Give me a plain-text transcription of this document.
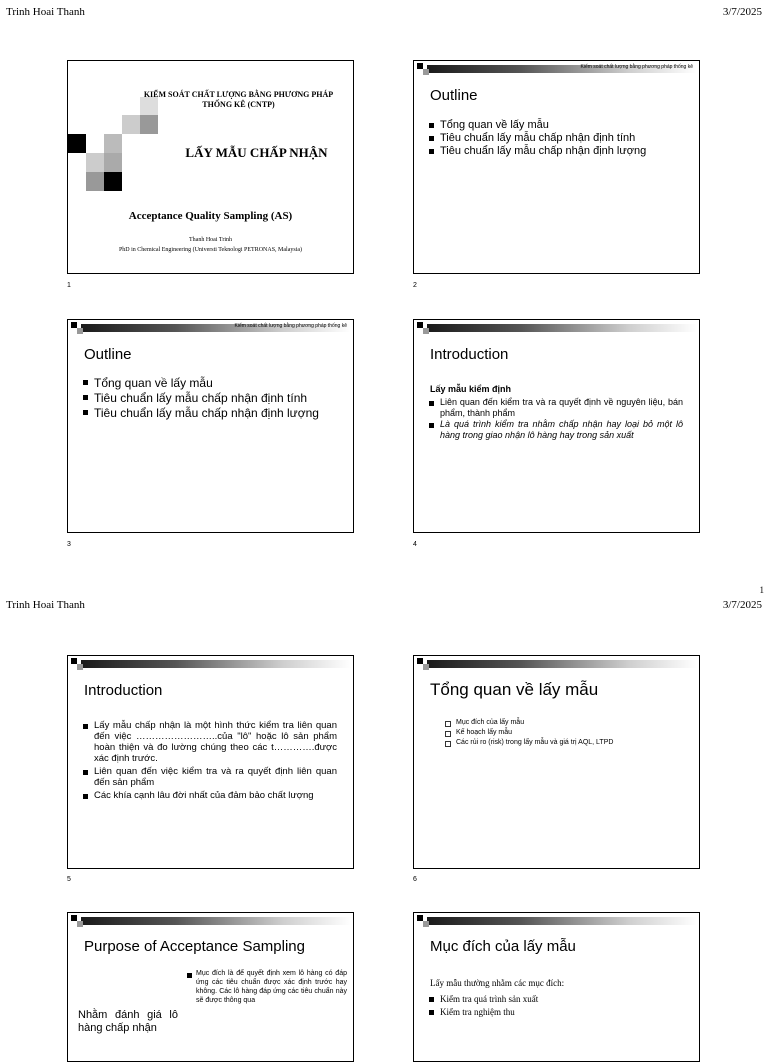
Trinh Hoai Thanh	3/7/2025
1
Trinh Hoai Thanh	3/7/2025
KIỂM SOÁT CHẤT LƯỢNG BẰNG PHƯƠNG PHÁP THỐNG KÊ (CNTP)
LẤY MẪU CHẤP NHẬN
Acceptance Quality Sampling (AS)
Thanh Hoai Trinh
PhD in Chemical Engineering (Universti Teknologi PETRONAS, Malaysia)
1
Kiểm soát chất lượng bằng phương pháp thống kê
Outline
Tổng quan về lấy mẫu
Tiêu chuẩn lấy mẫu chấp nhận định tính
Tiêu chuẩn lấy mẫu chấp nhận định lượng
2
Kiểm soát chất lượng bằng phương pháp thống kê
Outline
Tổng quan về lấy mẫu
Tiêu chuẩn lấy mẫu chấp nhận định tính
Tiêu chuẩn lấy mẫu chấp nhận định lượng
3
Introduction
Lấy mẫu kiểm định
Liên quan đến kiểm tra và ra quyết định về nguyên liệu, bán phẩm, thành phẩm
Là quá trình kiểm tra nhằm chấp nhận hay loại bỏ một lô hàng trong giao nhận lô hàng hay trong sản xuất
4
Introduction
Lấy mẫu chấp nhận là một hình thức kiểm tra liên quan đến việc ……………………..của "lô" hoặc lô sản phẩm hoàn thiện và đo lường chúng theo các t………….được xác định trước.
Liên quan đến việc kiểm tra và ra quyết định liên quan đến sản phẩm
Các khía cạnh lâu đời nhất của đảm bảo chất lượng
5
Tổng quan về lấy mẫu
Mục đích của lấy mẫu
Kế hoạch lấy mẫu
Các rủi ro (risk) trong lấy mẫu và giá trị AQL, LTPD
6
Purpose of Acceptance Sampling
Nhằm đánh giá lô hàng chấp nhận
Mục đích là để quyết định xem lô hàng có đáp ứng các tiêu chuẩn được xác định trước hay không. Các lô hàng đáp ứng các tiêu chuẩn này sẽ được thông qua
Mục đích của lấy mẫu
Lấy mẫu thường nhằm các mục đích:
Kiểm tra quá trình sản xuất
Kiểm tra nghiệm thu
